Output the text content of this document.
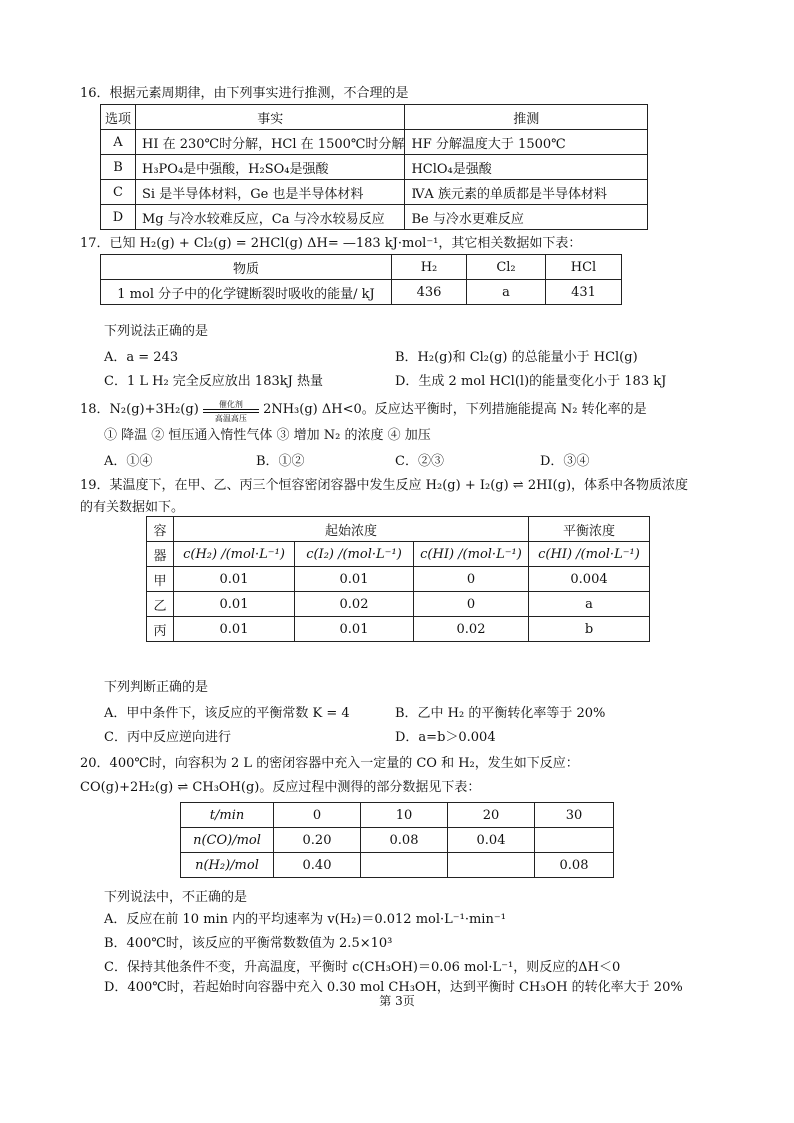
16．根据元素周期律，由下列事实进行推测，不合理的是
选项	事实	推测
A	HI 在 230℃时分解，HCl 在 1500℃时分解	HF 分解温度大于 1500℃
B	H₃PO₄是中强酸，H₂SO₄是强酸	HClO₄是强酸
C	Si 是半导体材料，Ge 也是半导体材料	ⅣA 族元素的单质都是半导体材料
D	Mg 与冷水较难反应，Ca 与冷水较易反应	Be 与冷水更难反应
17．已知 H₂(g) + Cl₂(g) = 2HCl(g) ΔH= —183 kJ·mol⁻¹，其它相关数据如下表：
物质	H₂	Cl₂	HCl
1 mol 分子中的化学键断裂时吸收的能量/ kJ	436	a	431
下列说法正确的是
A．a = 243	B．H₂(g)和 Cl₂(g) 的总能量小于 HCl(g)
C．1 L H₂ 完全反应放出 183kJ 热量	D．生成 2 mol HCl(l)的能量变化小于 183 kJ
18．N₂(g)+3H₂(g)	催化剂
高温高压
2NH₃(g) ΔH<0。反应达平衡时，下列措施能提高 N₂ 转化率的是
① 降温 ② 恒压通入惰性气体 ③ 增加 N₂ 的浓度 ④ 加压
A．①④	B．①②	C．②③	D．③④
19．某温度下，在甲、乙、丙三个恒容密闭容器中发生反应 H₂(g) + I₂(g) ⇌ 2HI(g)，体系中各物质浓度
的有关数据如下。
容	起始浓度			平衡浓度
器	c(H₂) /(mol·L⁻¹)	c(I₂) /(mol·L⁻¹)	c(HI) /(mol·L⁻¹)	c(HI) /(mol·L⁻¹)
甲	0.01	0.01	0	0.004
乙	0.01	0.02	0	a
丙	0.01	0.01	0.02	b
下列判断正确的是
A．甲中条件下，该反应的平衡常数 K = 4	B．乙中 H₂ 的平衡转化率等于 20%
C．丙中反应逆向进行	D．a=b＞0.004
20．400℃时，向容积为 2 L 的密闭容器中充入一定量的 CO 和 H₂，发生如下反应：
CO(g)+2H₂(g) ⇌ CH₃OH(g)。反应过程中测得的部分数据见下表：
t/min	0	10	20	30
n(CO)/mol	0.20	0.08	0.04	
n(H₂)/mol	0.40			0.08
下列说法中，不正确的是
A．反应在前 10 min 内的平均速率为 v(H₂)＝0.012 mol·L⁻¹·min⁻¹
B．400℃时，该反应的平衡常数数值为 2.5×10³
C．保持其他条件不变，升高温度，平衡时 c(CH₃OH)＝0.06 mol·L⁻¹，则反应的ΔH＜0
D．400℃时，若起始时向容器中充入 0.30 mol CH₃OH，达到平衡时 CH₃OH 的转化率大于 20%
第 3页
